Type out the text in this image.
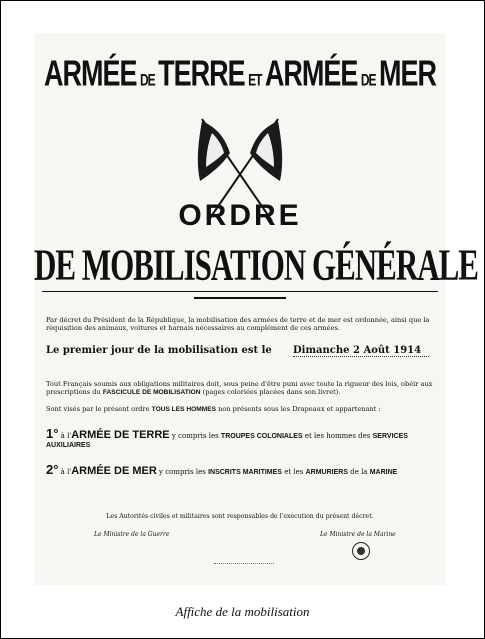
ARMÉE DE TERRE ET ARMÉE DE MER
ORDRE
DE MOBILISATION GÉNÉRALE
Par décret du Président de la République, la mobilisation des armées de terre et de mer est ordonnée, ainsi que la réquisition des animaux, voitures et harnais nécessaires au complément de ces armées.
Le premier jour de la mobilisation est le Dimanche 2 Août 1914
Tout Français soumis aux obligations militaires doit, sous peine d'être puni avec toute la rigueur des lois, obéir aux prescriptions du FASCICULE DE MOBILISATION (pages coloriées placées dans son livret).
Sont visés par le présent ordre TOUS LES HOMMES non présents sous les Drapeaux et appartenant :
1° à l'ARMÉE DE TERRE y compris les TROUPES COLONIALES et les hommes des SERVICES AUXILIAIRES
2° à l'ARMÉE DE MER y compris les INSCRITS MARITIMES et les ARMURIERS de la MARINE
Les Autorités civiles et militaires sont responsables de l'exécution du présent décret.
Le Ministre de la Guerre	Le Ministre de la Marine
Affiche de la mobilisation
